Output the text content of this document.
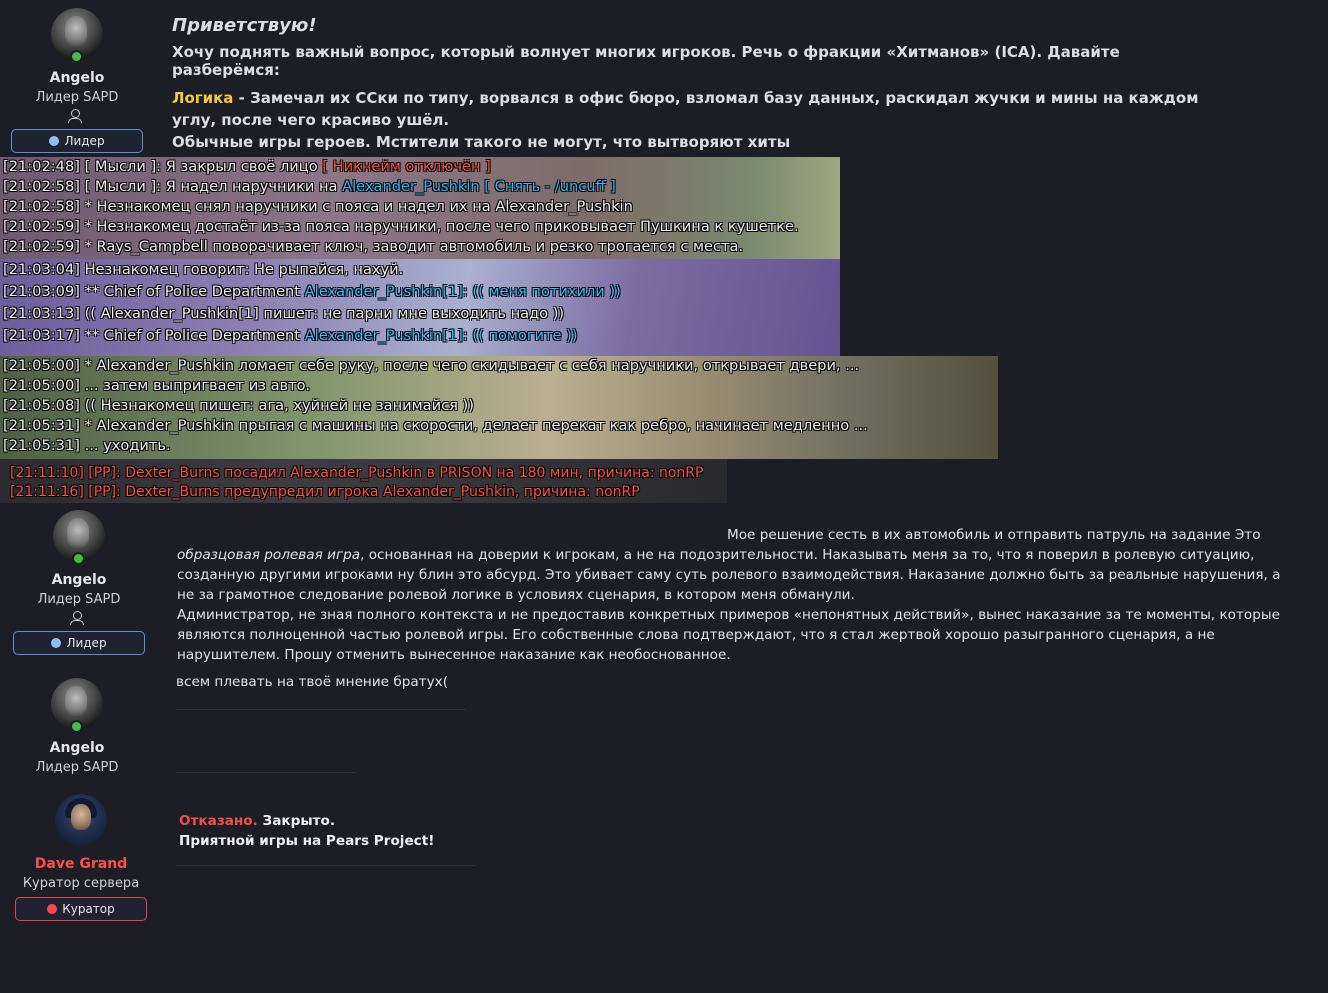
Angelo
Лидер SAPD
Лидер
Приветствую!
Хочу поднять важный вопрос, который волнует многих игроков. Речь о фракции «Хитманов» (ICA). Давайте разберёмся:
Логика - Замечал их ССки по типу, ворвался в офис бюро, взломал базу данных, раскидал жучки и мины на каждом углу, после чего красиво ушёл.
Обычные игры героев. Мстители такого не могут, что вытворяют хиты
[21:02:48] [ Мысли ]: Я закрыл своё лицо [ Никнейм отключён ]
[21:02:58] [ Мысли ]: Я надел наручники на Alexander_Pushkin [ Снять - /uncuff ]
[21:02:58] * Незнакомец снял наручники с пояса и надел их на Alexander_Pushkin
[21:02:59] * Незнакомец достаёт из-за пояса наручники, после чего приковывает Пушкина к кушетке.
[21:02:59] * Rays_Campbell поворачивает ключ, заводит автомобиль и резко трогается с места.
[21:03:04] Незнакомец говорит: Не рыпайся, нахуй.
[21:03:09] ** Chief of Police Department Alexander_Pushkin[1]: (( меня потихили ))
[21:03:13] (( Alexander_Pushkin[1] пишет: не парни мне выходить надо ))
[21:03:17] ** Chief of Police Department Alexander_Pushkin[1]: (( помогите ))
[21:05:00] * Alexander_Pushkin ломает себе руку, после чего скидывает с себя наручники, открывает двери, ...
[21:05:00] ... затем выпригвает из авто.
[21:05:08] (( Незнакомец пишет: ага, хуйней не занимайся ))
[21:05:31] * Alexander_Pushkin прыгая с машины на скорости, делает перекат как ребро, начинает медленно ...
[21:05:31] ... уходить.
[21:11:10] [PP]: Dexter_Burns посадил Alexander_Pushkin в PRISON на 180 мин, причина: nonRP
[21:11:16] [PP]: Dexter_Burns предупредил игрока Alexander_Pushkin, причина: nonRP
Angelo
Лидер SAPD
Лидер
Мое решение сесть в их автомобиль и отправить патруль на задание Это образцовая ролевая игра, основанная на доверии к игрокам, а не на подозрительности. Наказывать меня за то, что я поверил в ролевую ситуацию, созданную другими игроками ну блин это абсурд. Это убивает саму суть ролевого взаимодействия. Наказание должно быть за реальные нарушения, а не за грамотное следование ролевой логике в условиях сценария, в котором меня обманули.
Администратор, не зная полного контекста и не предоставив конкретных примеров «непонятных действий», вынес наказание за те моменты, которые являются полноценной частью ролевой игры. Его собственные слова подтверждают, что я стал жертвой хорошо разыгранного сценария, а не нарушителем. Прошу отменить вынесенное наказание как необоснованное.
Angelo
Лидер SAPD
всем плевать на твоё мнение братух(
Dave Grand
Куратор сервера
Куратор
Отказано. Закрыто.
Приятной игры на Pears Project!
